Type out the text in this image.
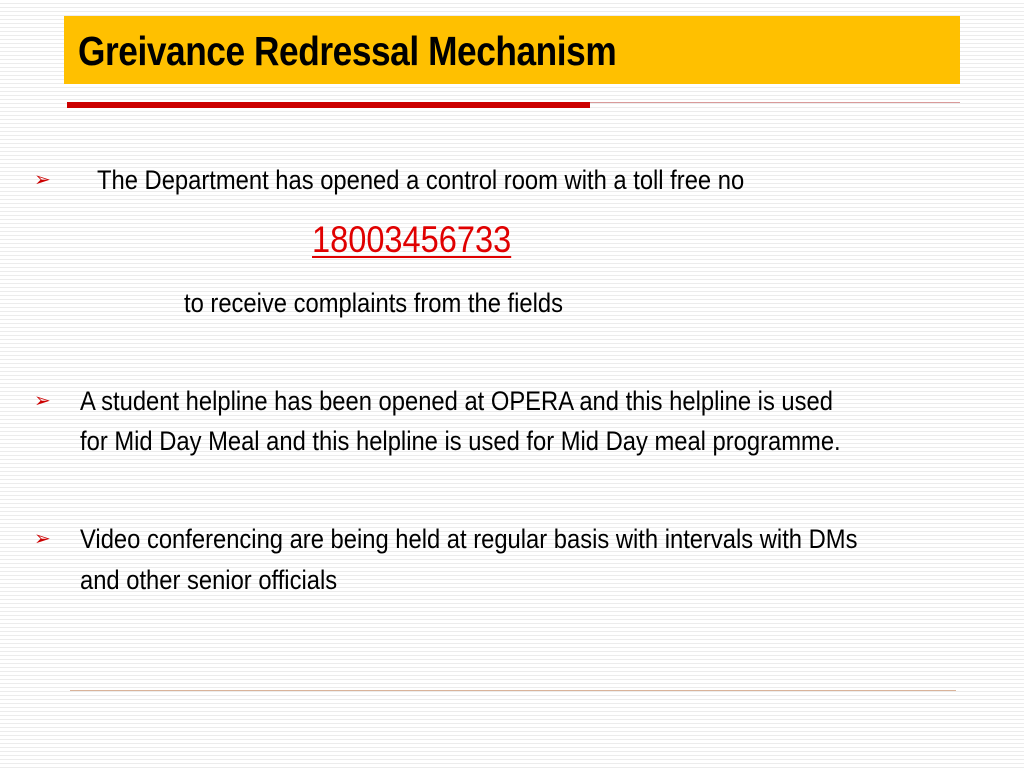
Greivance Redressal Mechanism
➢ The Department has opened a control room with a toll free no
18003456733
to receive complaints from the fields
➢ A student helpline has been opened at OPERA and this helpline is used
for Mid Day Meal and this helpline is used for Mid Day meal programme.
➢ Video conferencing are being held at regular basis with intervals with DMs
and other senior officials
